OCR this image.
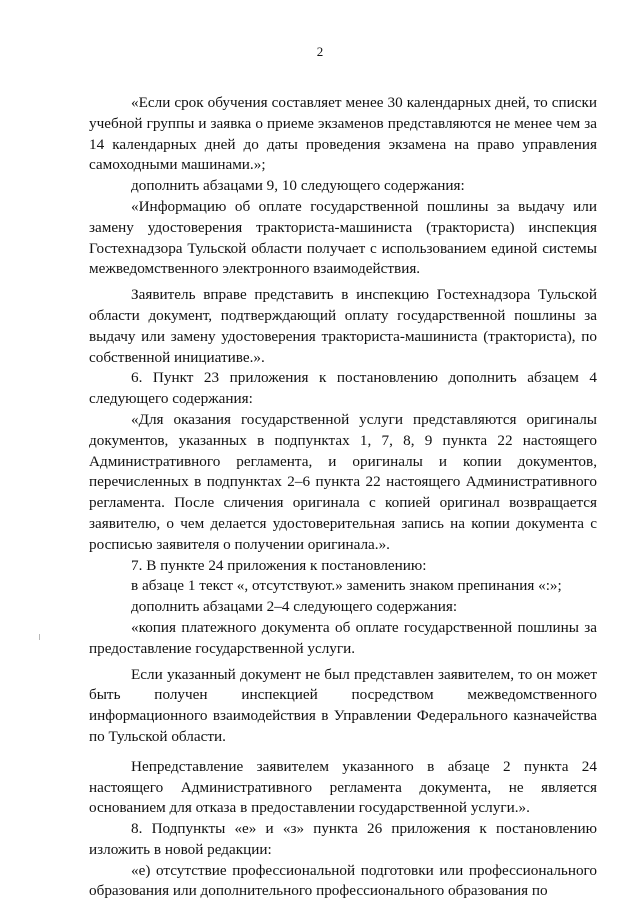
2

«Если срок обучения составляет менее 30 календарных дней, то списки учебной группы и заявка о приеме экзаменов представляются не менее чем за 14 календарных дней до даты проведения экзамена на право управления самоходными машинами.»;

дополнить абзацами 9, 10 следующего содержания:

«Информацию об оплате государственной пошлины за выдачу или замену удостоверения тракториста-машиниста (тракториста) инспекция Гостехнадзора Тульской области получает с использованием единой системы межведомственного электронного взаимодействия.

Заявитель вправе представить в инспекцию Гостехнадзора Тульской области документ, подтверждающий оплату государственной пошлины за выдачу или замену удостоверения тракториста-машиниста (тракториста), по собственной инициативе.».

6. Пункт 23 приложения к постановлению дополнить абзацем 4 следующего содержания:

«Для оказания государственной услуги представляются оригиналы документов, указанных в подпунктах 1, 7, 8, 9 пункта 22 настоящего Административного регламента, и оригиналы и копии документов, перечисленных в подпунктах 2–6 пункта 22 настоящего Административного регламента. После сличения оригинала с копией оригинал возвращается заявителю, о чем делается удостоверительная запись на копии документа с росписью заявителя о получении оригинала.».

7. В пункте 24 приложения к постановлению:

в абзаце 1 текст «, отсутствуют.» заменить знаком препинания «:»;

дополнить абзацами 2–4 следующего содержания:

«копия платежного документа об оплате государственной пошлины за предоставление государственной услуги.

Если указанный документ не был представлен заявителем, то он может быть получен инспекцией посредством межведомственного информационного взаимодействия в Управлении Федерального казначейства по Тульской области.

Непредставление заявителем указанного в абзаце 2 пункта 24 настоящего Административного регламента документа, не является основанием для отказа в предоставлении государственной услуги.».

8. Подпункты «е» и «з» пункта 26 приложения к постановлению изложить в новой редакции:

«е) отсутствие профессиональной подготовки или профессионального образования или дополнительного профессионального образования по
